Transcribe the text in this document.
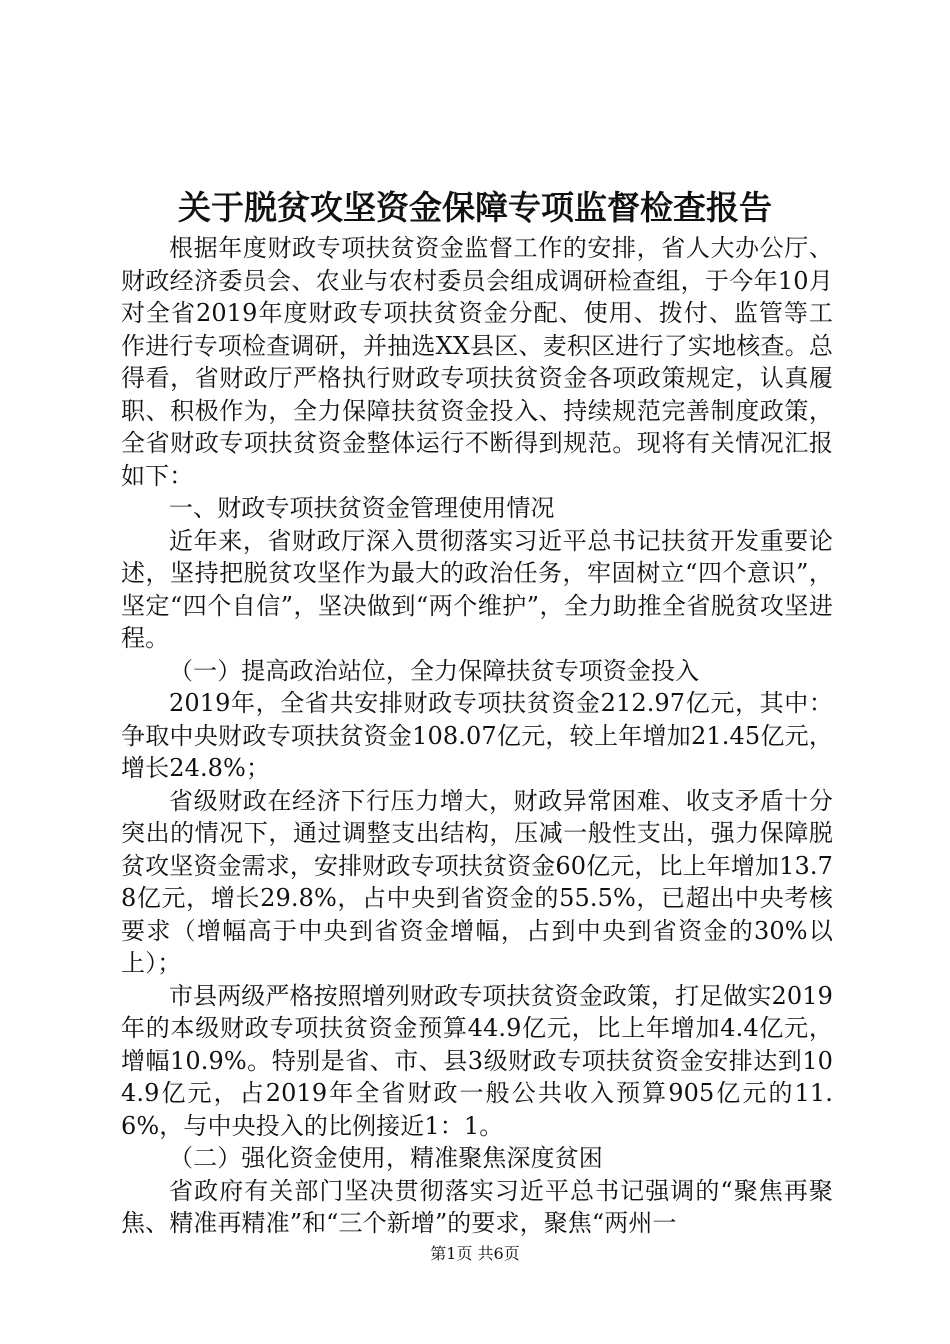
关于脱贫攻坚资金保障专项监督检查报告

根据年度财政专项扶贫资金监督工作的安排，省人大办公厅、财政经济委员会、农业与农村委员会组成调研检查组，于今年10月对全省2019年度财政专项扶贫资金分配、使用、拨付、监管等工作进行专项检查调研，并抽选XX县区、麦积区进行了实地核查。总得看，省财政厅严格执行财政专项扶贫资金各项政策规定，认真履职、积极作为，全力保障扶贫资金投入、持续规范完善制度政策，全省财政专项扶贫资金整体运行不断得到规范。现将有关情况汇报如下：

一、财政专项扶贫资金管理使用情况

近年来，省财政厅深入贯彻落实习近平总书记扶贫开发重要论述，坚持把脱贫攻坚作为最大的政治任务，牢固树立“四个意识”，坚定“四个自信”，坚决做到“两个维护”，全力助推全省脱贫攻坚进程。

（一）提高政治站位，全力保障扶贫专项资金投入

2019年，全省共安排财政专项扶贫资金212.97亿元，其中：争取中央财政专项扶贫资金108.07亿元，较上年增加21.45亿元，增长24.8%；

省级财政在经济下行压力增大，财政异常困难、收支矛盾十分突出的情况下，通过调整支出结构，压减一般性支出，强力保障脱贫攻坚资金需求，安排财政专项扶贫资金60亿元，比上年增加13.78亿元，增长29.8%，占中央到省资金的55.5%，已超出中央考核要求（增幅高于中央到省资金增幅，占到中央到省资金的30%以上）；

市县两级严格按照增列财政专项扶贫资金政策，打足做实2019年的本级财政专项扶贫资金预算44.9亿元，比上年增加4.4亿元，增幅10.9%。特别是省、市、县3级财政专项扶贫资金安排达到104.9亿元，占2019年全省财政一般公共收入预算905亿元的11.6%，与中央投入的比例接近1：1。

（二）强化资金使用，精准聚焦深度贫困

省政府有关部门坚决贯彻落实习近平总书记强调的“聚焦再聚焦、精准再精准”和“三个新增”的要求，聚焦“两州一

第1页 共6页
